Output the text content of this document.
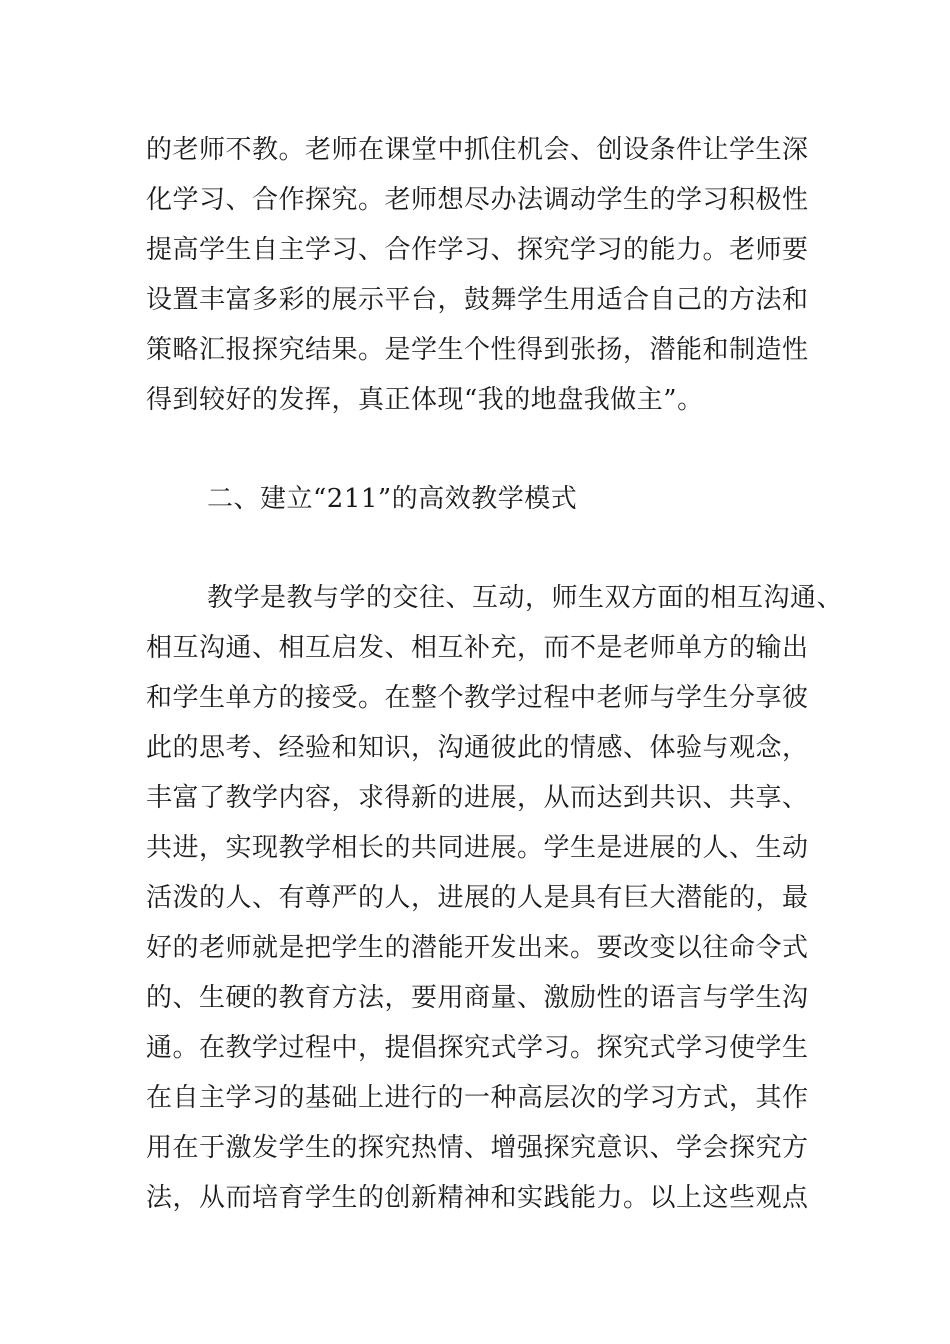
的老师不教。老师在课堂中抓住机会、创设条件让学生深
化学习、合作探究。老师想尽办法调动学生的学习积极性
提高学生自主学习、合作学习、探究学习的能力。老师要
设置丰富多彩的展示平台，鼓舞学生用适合自己的方法和
策略汇报探究结果。是学生个性得到张扬，潜能和制造性
得到较好的发挥，真正体现“我的地盘我做主”。
二、建立“211”的高效教学模式
教学是教与学的交往、互动，师生双方面的相互沟通、
相互沟通、相互启发、相互补充，而不是老师单方的输出
和学生单方的接受。在整个教学过程中老师与学生分享彼
此的思考、经验和知识，沟通彼此的情感、体验与观念，
丰富了教学内容，求得新的进展，从而达到共识、共享、
共进，实现教学相长的共同进展。学生是进展的人、生动
活泼的人、有尊严的人，进展的人是具有巨大潜能的，最
好的老师就是把学生的潜能开发出来。要改变以往命令式
的、生硬的教育方法，要用商量、激励性的语言与学生沟
通。在教学过程中，提倡探究式学习。探究式学习使学生
在自主学习的基础上进行的一种高层次的学习方式，其作
用在于激发学生的探究热情、增强探究意识、学会探究方
法，从而培育学生的创新精神和实践能力。以上这些观点
